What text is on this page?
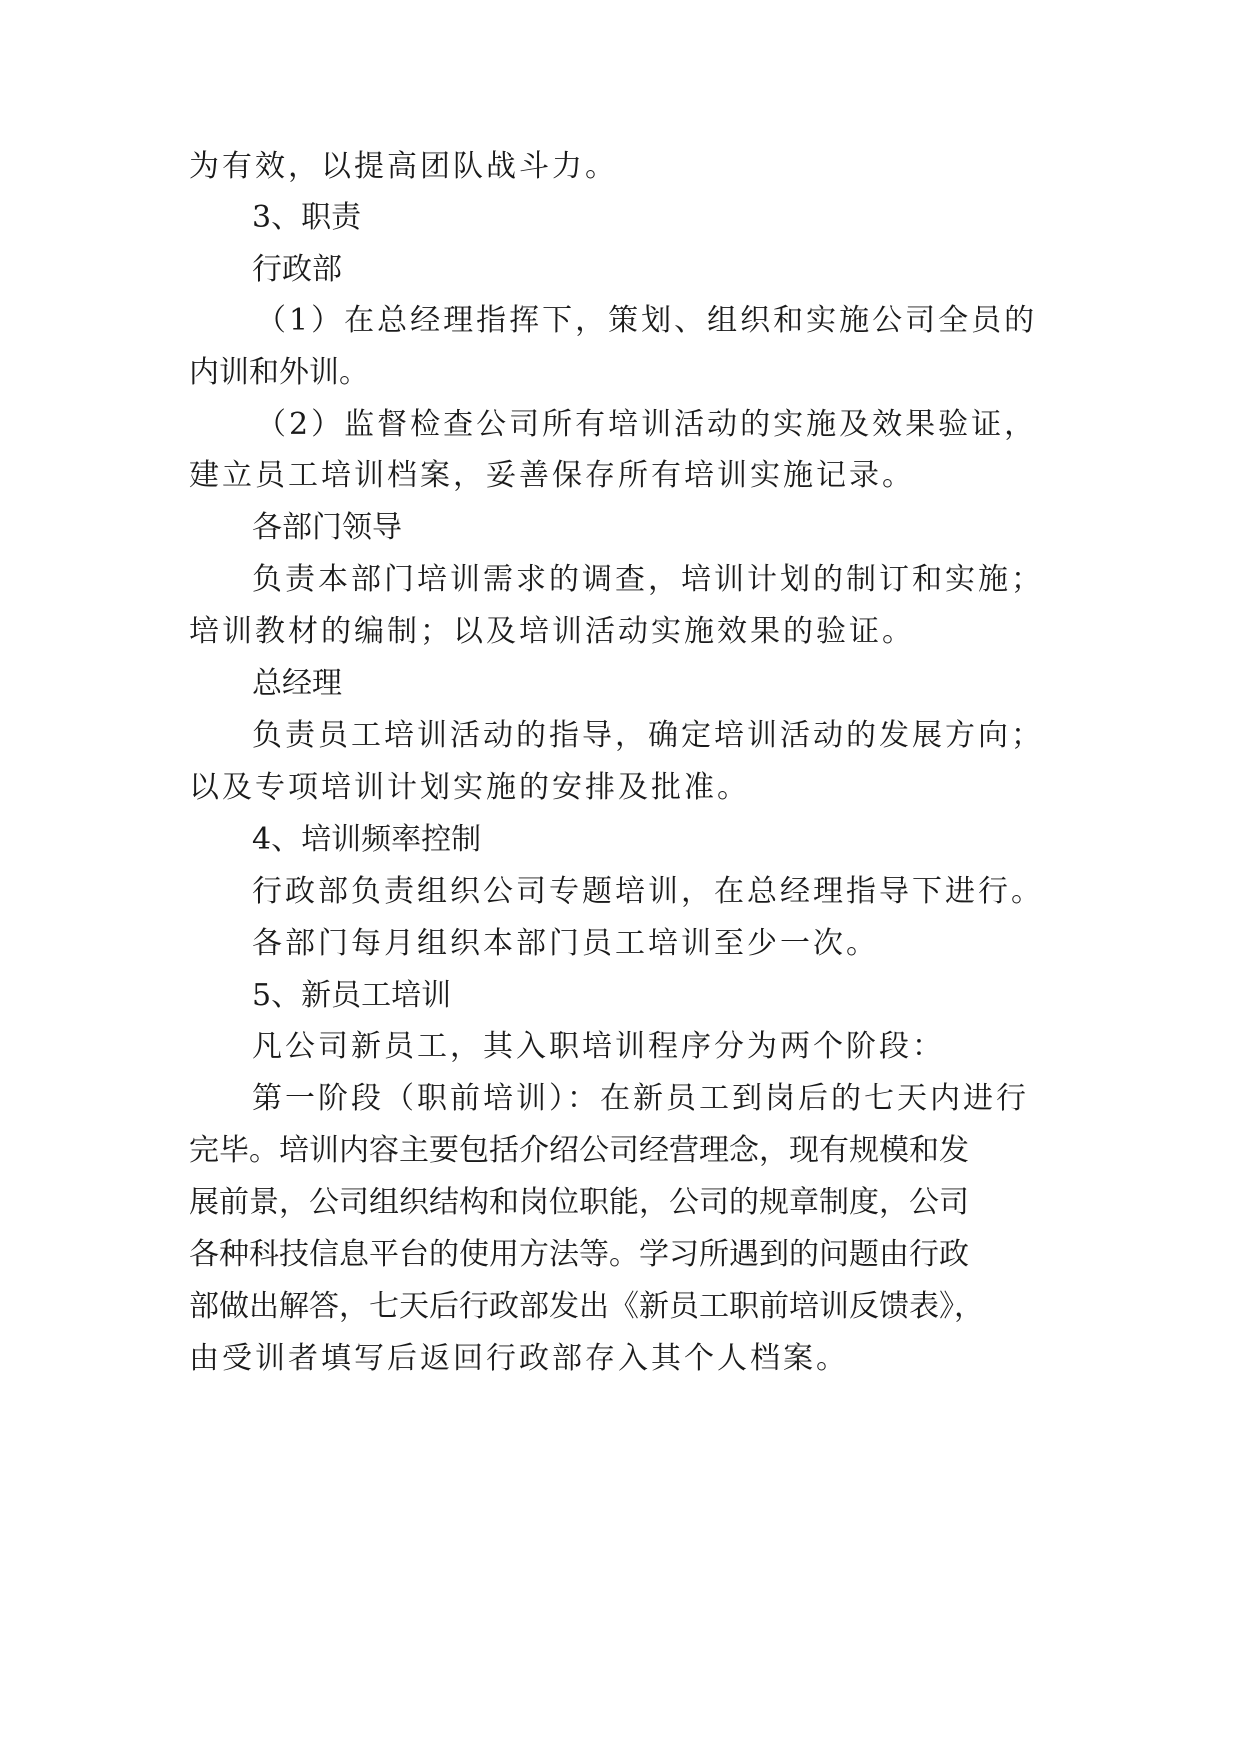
为有效，以提高团队战斗力。

3、职责

行政部

（1）在总经理指挥下，策划、组织和实施公司全员的

内训和外训。

（2）监督检查公司所有培训活动的实施及效果验证，

建立员工培训档案，妥善保存所有培训实施记录。

各部门领导

负责本部门培训需求的调查，培训计划的制订和实施；

培训教材的编制；以及培训活动实施效果的验证。

总经理

负责员工培训活动的指导，确定培训活动的发展方向；

以及专项培训计划实施的安排及批准。

4、培训频率控制

行政部负责组织公司专题培训，在总经理指导下进行。

各部门每月组织本部门员工培训至少一次。

5、新员工培训

凡公司新员工，其入职培训程序分为两个阶段：

第一阶段（职前培训）：在新员工到岗后的七天内进行

完毕。培训内容主要包括介绍公司经营理念，现有规模和发

展前景，公司组织结构和岗位职能，公司的规章制度，公司

各种科技信息平台的使用方法等。学习所遇到的问题由行政

部做出解答，七天后行政部发出《新员工职前培训反馈表》，

由受训者填写后返回行政部存入其个人档案。
